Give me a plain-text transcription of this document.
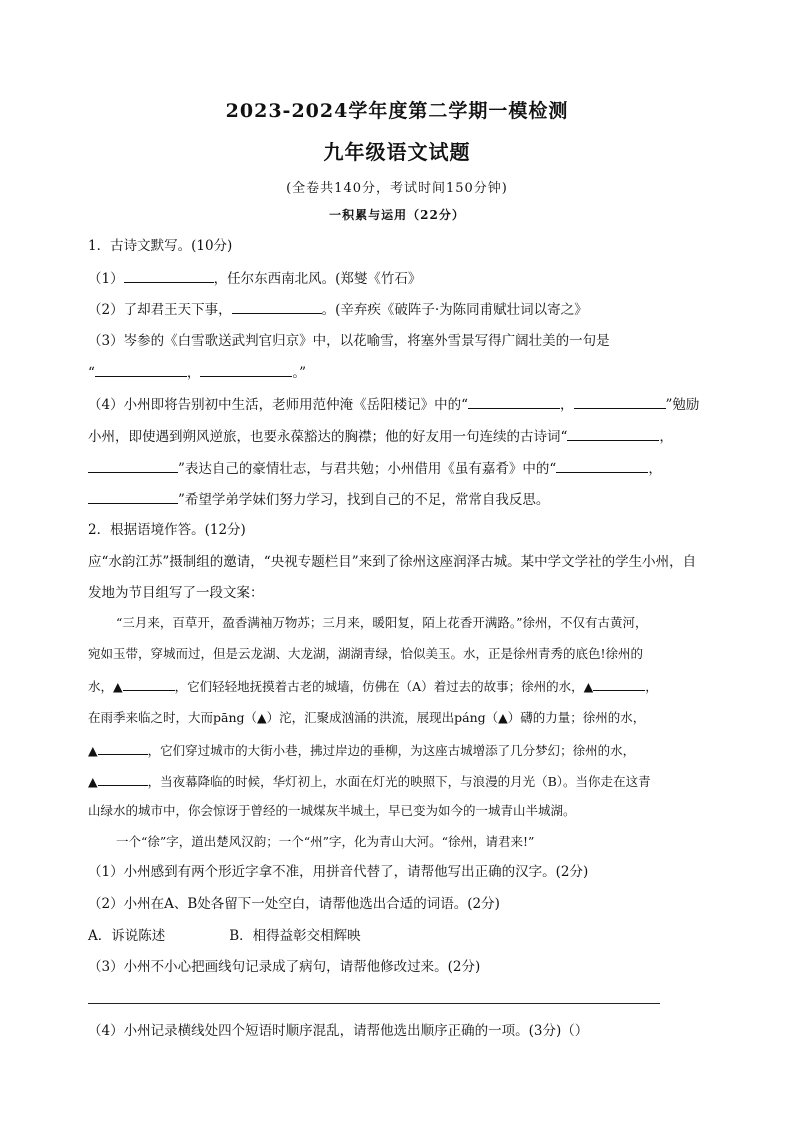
2023-2024学年度第二学期一模检测
九年级语文试题
(全卷共140分，考试时间150分钟)
一积累与运用（22分）
1．古诗文默写。(10分)
（1）	，任尔东西南北风。(郑燮《竹石》
（2）了却君王天下事，	。(辛弃疾《破阵子·为陈同甫赋壮词以寄之》
（3）岑参的《白雪歌送武判官归京》中，以花喻雪，将塞外雪景写得广阔壮美的一句是
“	，	。”
（4）小州即将告别初中生活，老师用范仲淹《岳阳楼记》中的“	，	”勉励
小州，即使遇到朔风逆旅，也要永葆豁达的胸襟；他的好友用一句连续的古诗词“	，
”表达自己的豪情壮志，与君共勉；小州借用《虽有嘉肴》中的“	，
”希望学弟学妹们努力学习，找到自己的不足，常常自我反思。
2．根据语境作答。(12分)
应“水韵江苏”摄制组的邀请，“央视专题栏目”来到了徐州这座润泽古城。某中学文学社的学生小州，自
发地为节目组写了一段文案：
“三月来，百草开，盈香满袖万物苏；三月来，暖阳复，陌上花香开满路。”徐州，不仅有古黄河，
宛如玉带，穿城而过，但是云龙湖、大龙湖，湖湖青绿，恰似美玉。水，正是徐州青秀的底色!徐州的
水，▲	，它们轻轻地抚摸着古老的城墙，仿佛在（A）着过去的故事；徐州的水，▲	，
在雨季来临之时，大而pāng（▲）沱，汇聚成汹涌的洪流，展现出páng（▲）礴的力量；徐州的水，
▲	，它们穿过城市的大街小巷，拂过岸边的垂柳，为这座古城增添了几分梦幻；徐州的水，
▲	，当夜幕降临的时候，华灯初上，水面在灯光的映照下，与浪漫的月光（B）。当你走在这青
山绿水的城市中，你会惊讶于曾经的一城煤灰半城土，早已变为如今的一城青山半城湖。
一个“徐”字，道出楚风汉韵；一个“州”字，化为青山大河。“徐州，请君来!”
（1）小州感到有两个形近字拿不准，用拼音代替了，请帮他写出正确的汉字。(2分)
（2）小州在A、B处各留下一处空白，请帮他选出合适的词语。(2分)
A．诉说陈述	B．相得益彰交相辉映
（3）小州不小心把画线句记录成了病句，请帮他修改过来。(2分)
（4）小州记录横线处四个短语时顺序混乱，请帮他选出顺序正确的一项。(3分)（）
